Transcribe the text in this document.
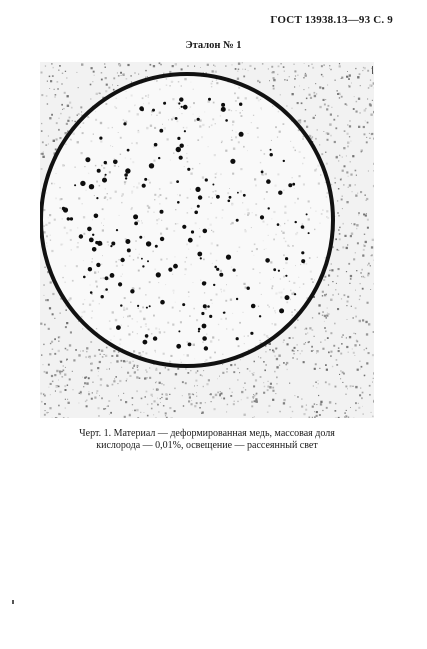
ГОСТ 13938.13—93 С. 9
Эталон № 1
Черт. 1. Материал — деформированная медь, массовая доля
кислорода — 0,01%, освещение — рассеянный свет
